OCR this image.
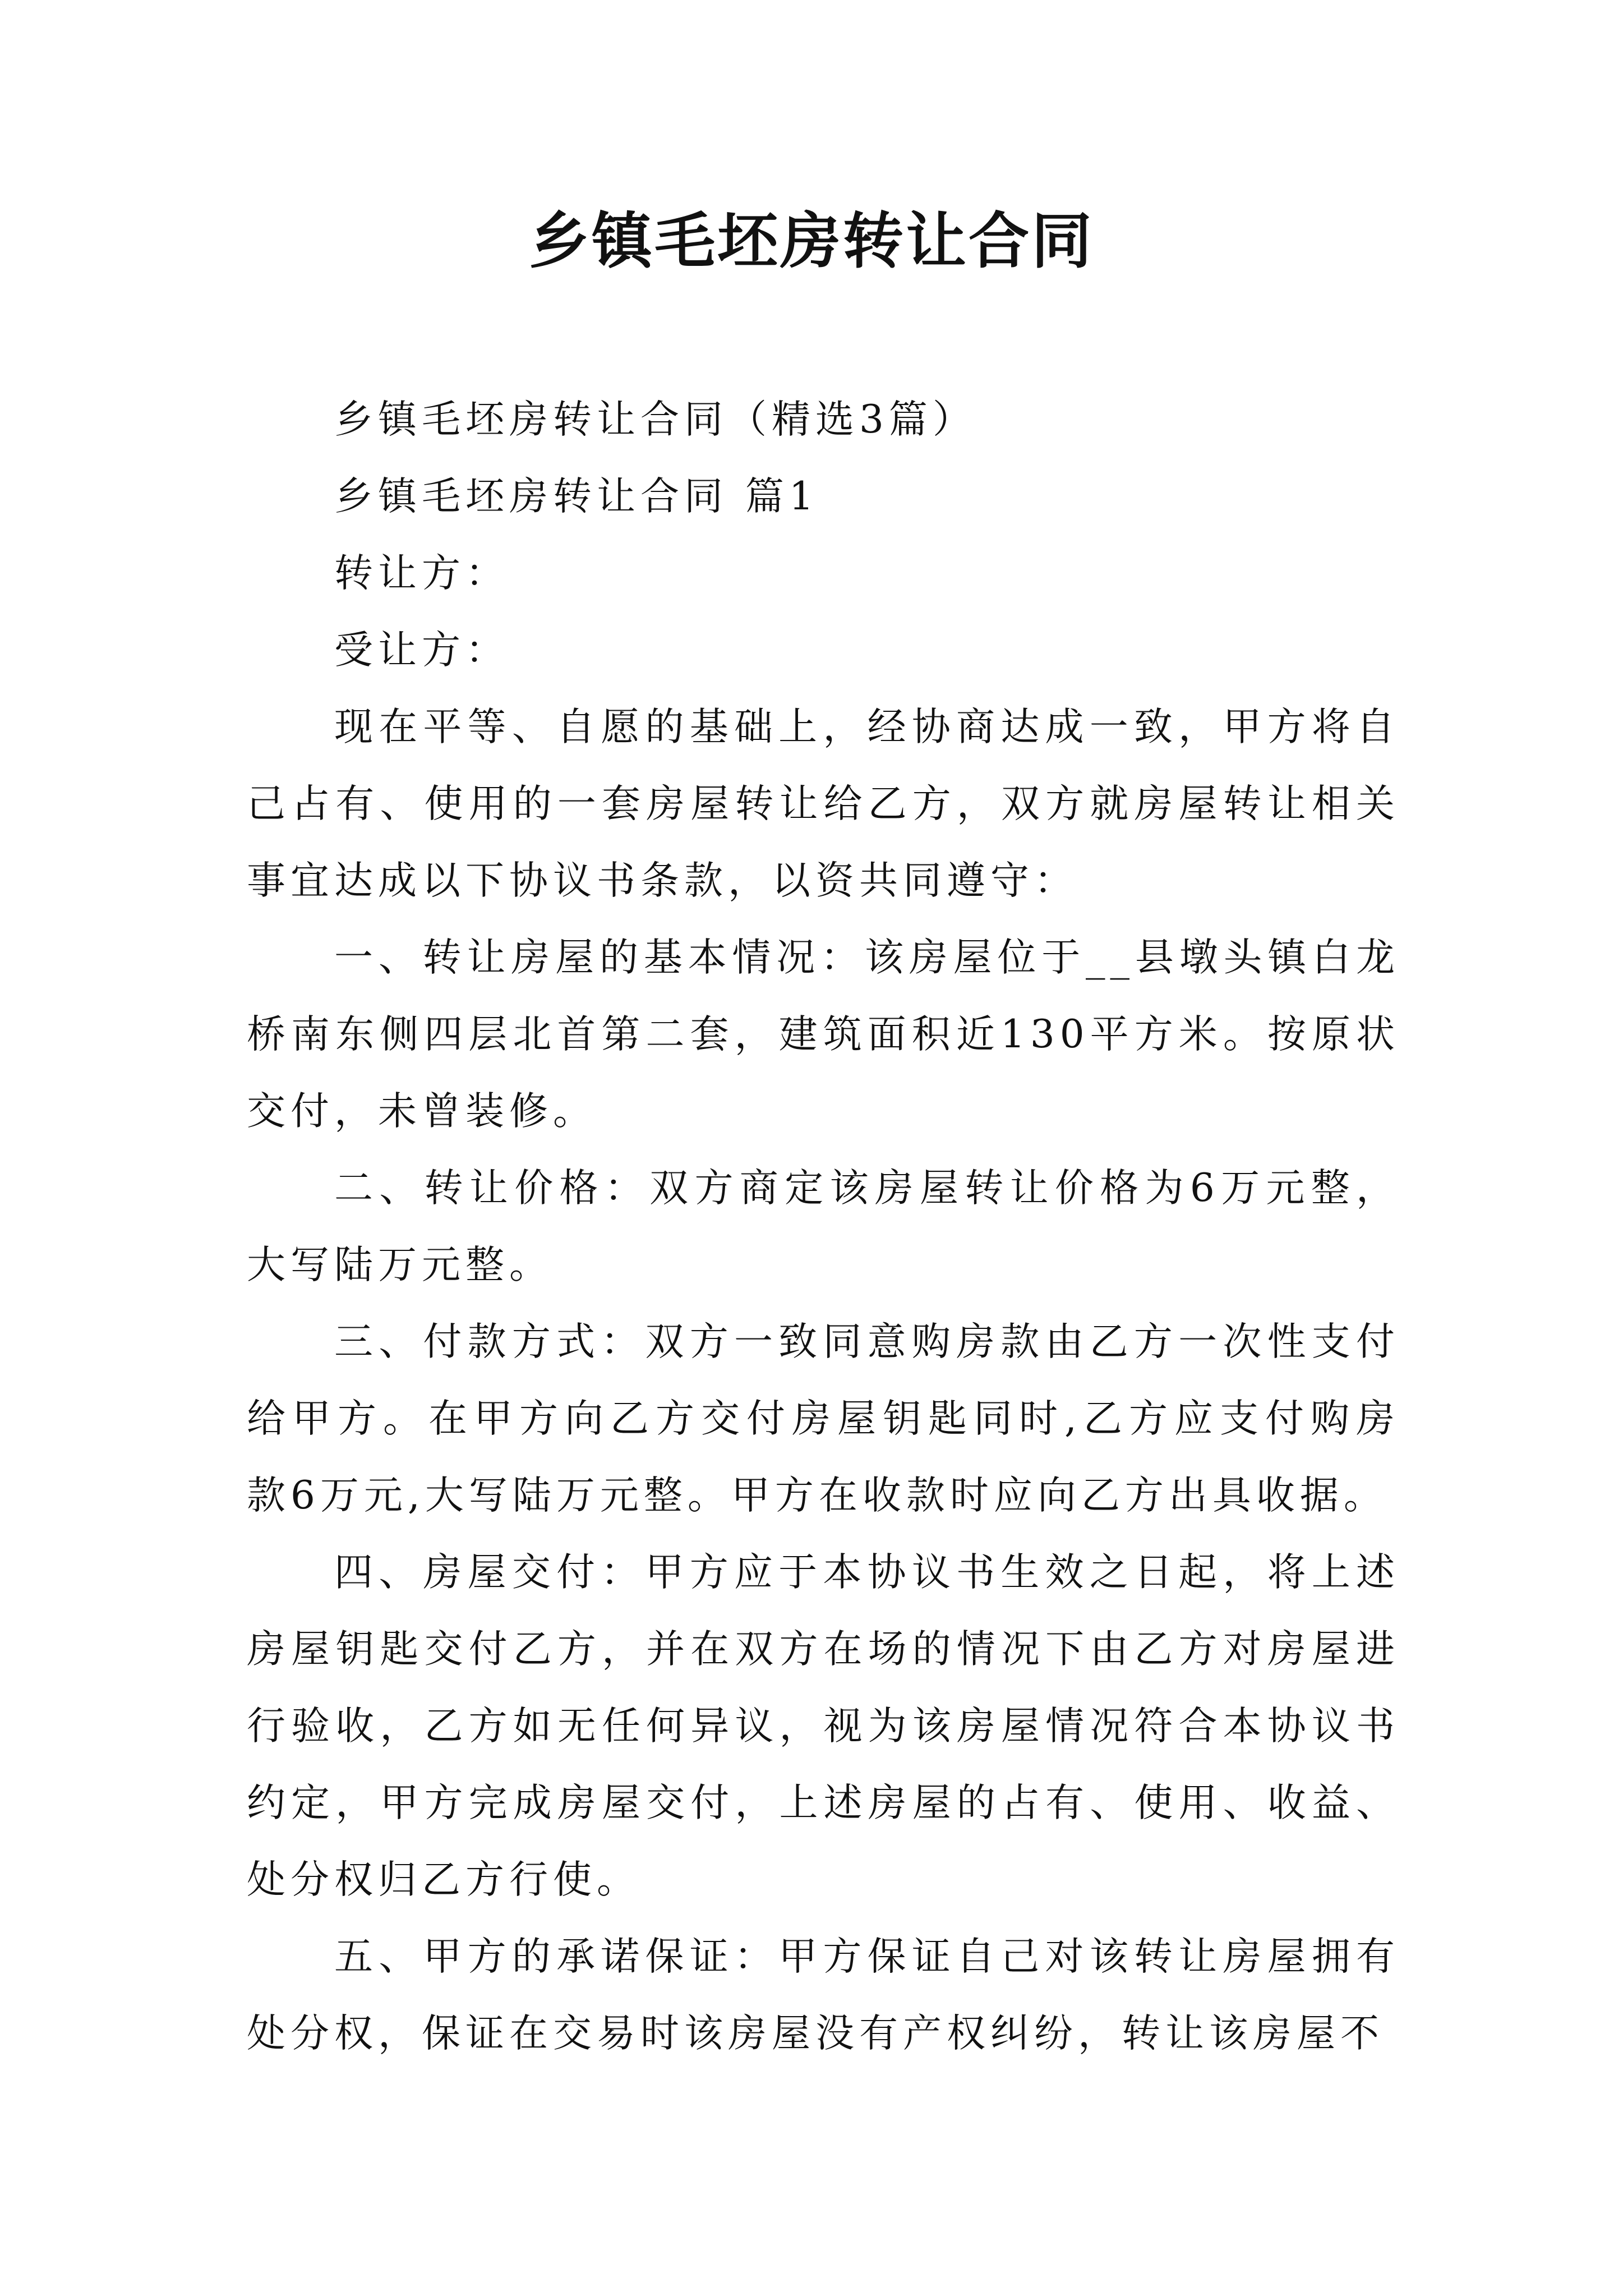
乡镇毛坯房转让合同

乡镇毛坯房转让合同（精选3篇）

乡镇毛坯房转让合同 篇1

转让方：

受让方：

现在平等、自愿的基础上，经协商达成一致，甲方将自己占有、使用的一套房屋转让给乙方，双方就房屋转让相关事宜达成以下协议书条款，以资共同遵守：

一、转让房屋的基本情况：该房屋位于__县墩头镇白龙桥南东侧四层北首第二套，建筑面积近130平方米。按原状交付，未曾装修。

二、转让价格：双方商定该房屋转让价格为6万元整，大写陆万元整。

三、付款方式：双方一致同意购房款由乙方一次性支付给甲方。在甲方向乙方交付房屋钥匙同时,乙方应支付购房款6万元,大写陆万元整。甲方在收款时应向乙方出具收据。

四、房屋交付：甲方应于本协议书生效之日起，将上述房屋钥匙交付乙方，并在双方在场的情况下由乙方对房屋进行验收，乙方如无任何异议，视为该房屋情况符合本协议书约定，甲方完成房屋交付，上述房屋的占有、使用、收益、处分权归乙方行使。

五、甲方的承诺保证：甲方保证自己对该转让房屋拥有处分权，保证在交易时该房屋没有产权纠纷，转让该房屋不
